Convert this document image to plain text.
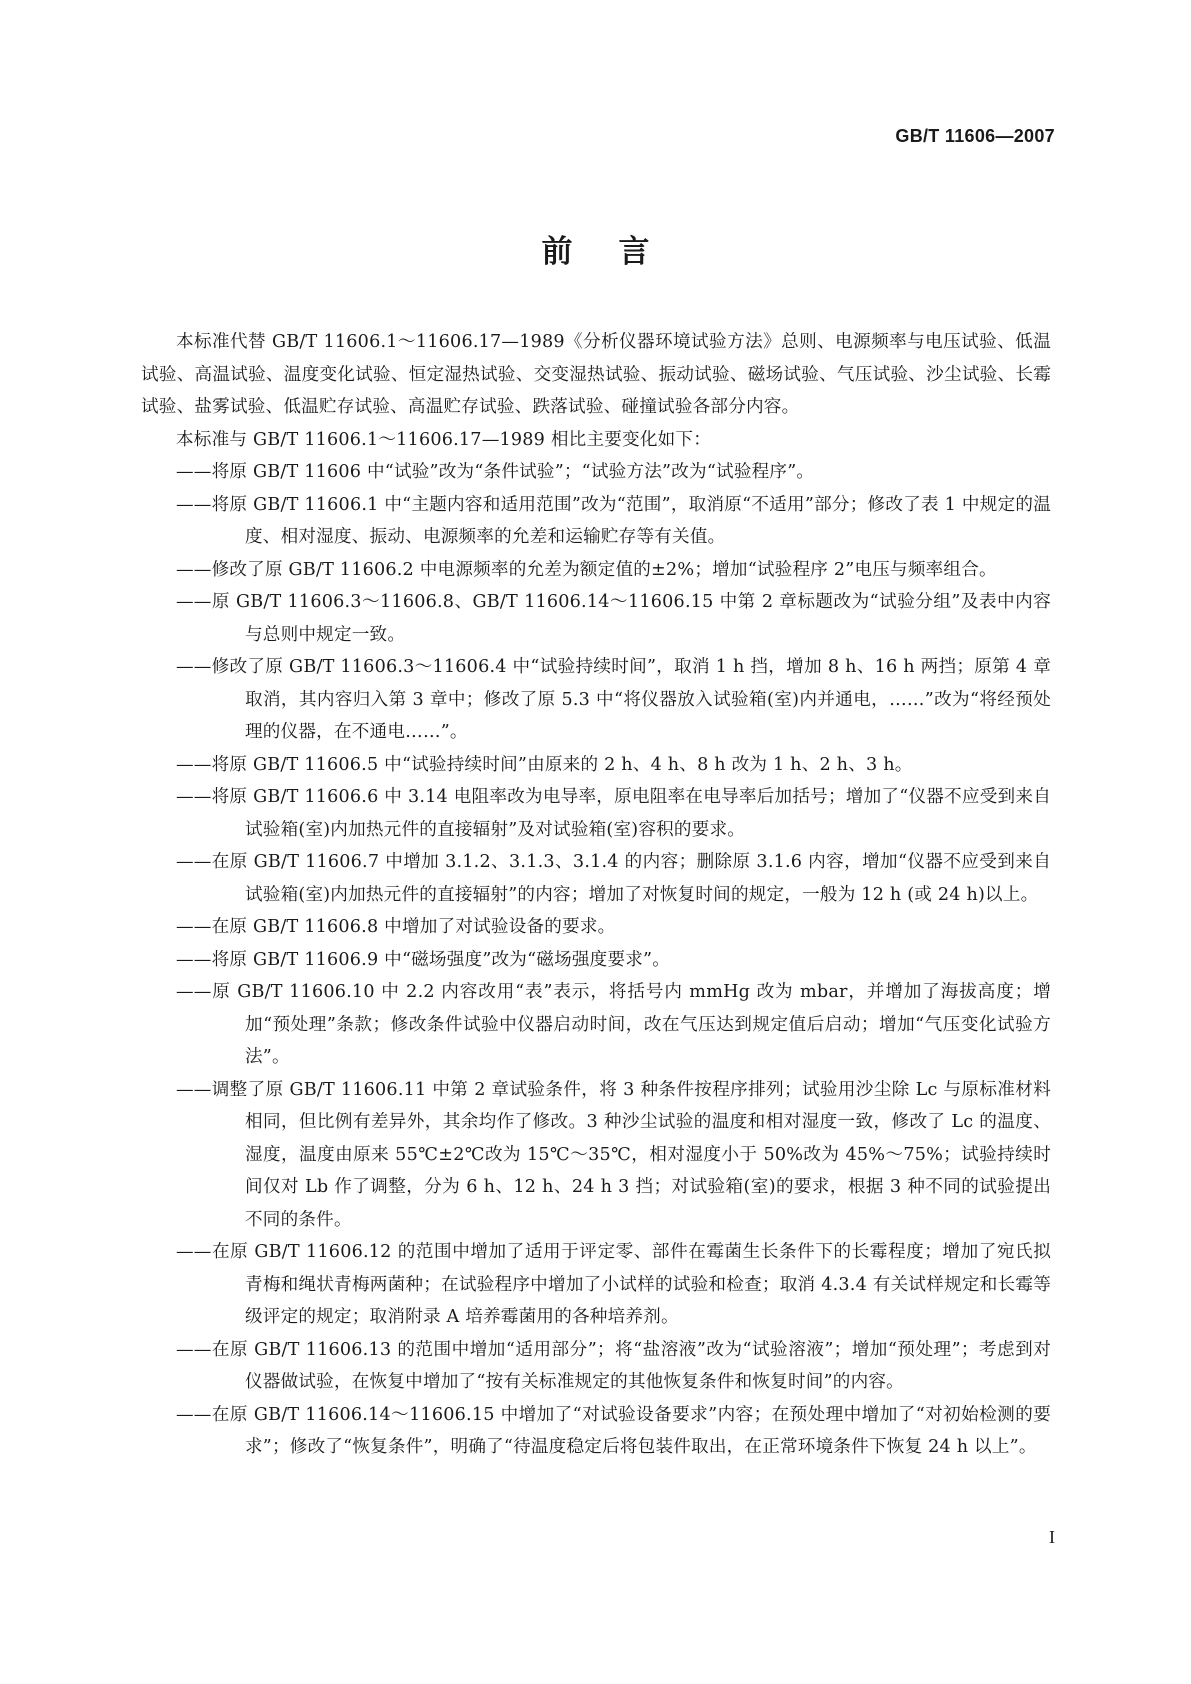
GB/T 11606—2007
前言

本标准代替 GB/T 11606.1～11606.17—1989《分析仪器环境试验方法》总则、电源频率与电压试验、低温试验、高温试验、温度变化试验、恒定湿热试验、交变湿热试验、振动试验、磁场试验、气压试验、沙尘试验、长霉试验、盐雾试验、低温贮存试验、高温贮存试验、跌落试验、碰撞试验各部分内容。

本标准与 GB/T 11606.1～11606.17—1989 相比主要变化如下：

——将原 GB/T 11606 中“试验”改为“条件试验”；“试验方法”改为“试验程序”。

——将原 GB/T 11606.1 中“主题内容和适用范围”改为“范围”，取消原“不适用”部分；修改了表 1 中规定的温度、相对湿度、振动、电源频率的允差和运输贮存等有关值。

——修改了原 GB/T 11606.2 中电源频率的允差为额定值的±2%；增加“试验程序 2”电压与频率组合。

——原 GB/T 11606.3～11606.8、GB/T 11606.14～11606.15 中第 2 章标题改为“试验分组”及表中内容与总则中规定一致。

——修改了原 GB/T 11606.3～11606.4 中“试验持续时间”，取消 1 h 挡，增加 8 h、16 h 两挡；原第 4 章取消，其内容归入第 3 章中；修改了原 5.3 中“将仪器放入试验箱(室)内并通电，……”改为“将经预处理的仪器，在不通电……”。

——将原 GB/T 11606.5 中“试验持续时间”由原来的 2 h、4 h、8 h 改为 1 h、2 h、3 h。

——将原 GB/T 11606.6 中 3.14 电阻率改为电导率，原电阻率在电导率后加括号；增加了“仪器不应受到来自试验箱(室)内加热元件的直接辐射”及对试验箱(室)容积的要求。

——在原 GB/T 11606.7 中增加 3.1.2、3.1.3、3.1.4 的内容；删除原 3.1.6 内容，增加“仪器不应受到来自试验箱(室)内加热元件的直接辐射”的内容；增加了对恢复时间的规定，一般为 12 h (或 24 h)以上。

——在原 GB/T 11606.8 中增加了对试验设备的要求。

——将原 GB/T 11606.9 中“磁场强度”改为“磁场强度要求”。

——原 GB/T 11606.10 中 2.2 内容改用“表”表示，将括号内 mmHg 改为 mbar，并增加了海拔高度；增加“预处理”条款；修改条件试验中仪器启动时间，改在气压达到规定值后启动；增加“气压变化试验方法”。

——调整了原 GB/T 11606.11 中第 2 章试验条件，将 3 种条件按程序排列；试验用沙尘除 Lc 与原标准材料相同，但比例有差异外，其余均作了修改。3 种沙尘试验的温度和相对湿度一致，修改了 Lc 的温度、湿度，温度由原来 55℃±2℃改为 15℃～35℃，相对湿度小于 50%改为 45%～75%；试验持续时间仅对 Lb 作了调整，分为 6 h、12 h、24 h 3 挡；对试验箱(室)的要求，根据 3 种不同的试验提出不同的条件。

——在原 GB/T 11606.12 的范围中增加了适用于评定零、部件在霉菌生长条件下的长霉程度；增加了宛氏拟青梅和绳状青梅两菌种；在试验程序中增加了小试样的试验和检查；取消 4.3.4 有关试样规定和长霉等级评定的规定；取消附录 A 培养霉菌用的各种培养剂。

——在原 GB/T 11606.13 的范围中增加“适用部分”；将“盐溶液”改为“试验溶液”；增加“预处理”；考虑到对仪器做试验，在恢复中增加了“按有关标准规定的其他恢复条件和恢复时间”的内容。

——在原 GB/T 11606.14～11606.15 中增加了“对试验设备要求”内容；在预处理中增加了“对初始检测的要求”；修改了“恢复条件”，明确了“待温度稳定后将包装件取出，在正常环境条件下恢复 24 h 以上”。

I
